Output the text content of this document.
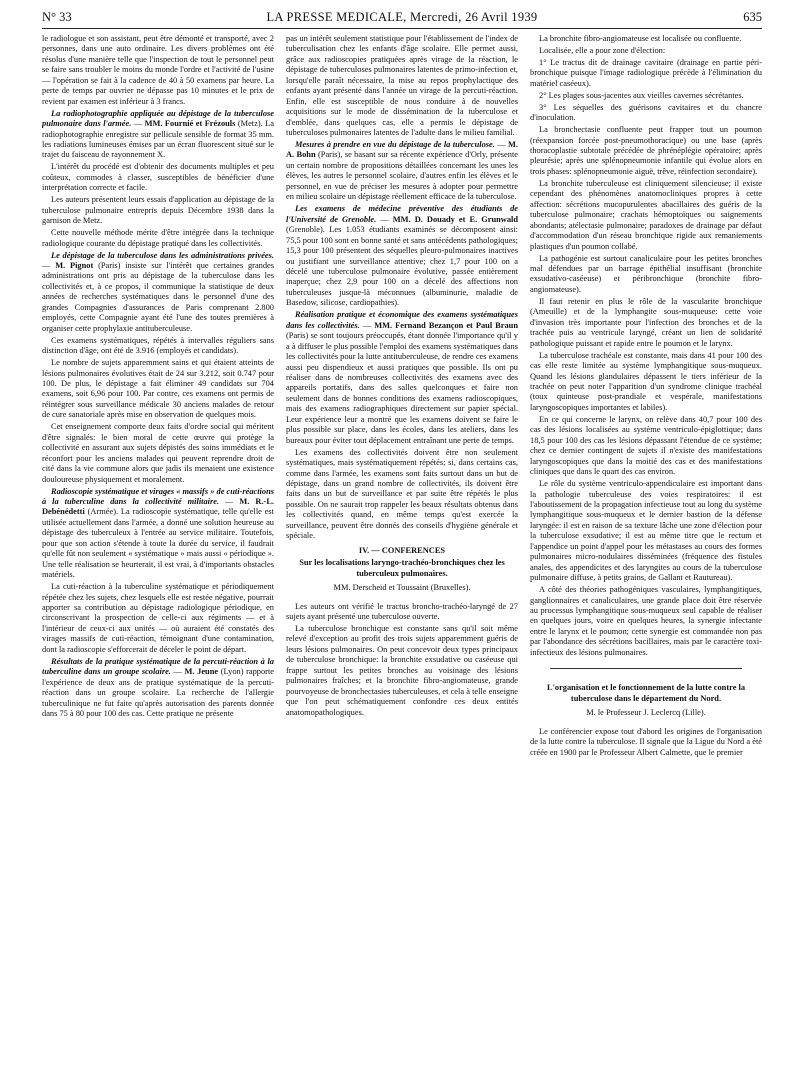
N° 33	LA PRESSE MEDICALE, Mercredi, 26 Avril 1939	635

le radiologue et son assistant, peut être démonté et transporté, avec 2 personnes, dans une auto ordinaire. Les divers problèmes ont été résolus d'une manière telle que l'inspection de tout le personnel peut se faire sans troubler le moins du monde l'ordre et l'activité de l'usine — l'opération se fait à la cadence de 40 à 50 examens par heure. La perte de temps par ouvrier ne dépasse pas 10 minutes et le prix de revient par examen est inférieur à 3 francs.

La radiophotographie appliquée au dépistage de la tuberculose pulmonaire dans l'armée. — MM. Fournié et Frézouls (Metz). La radiophotographie enregistre sur pellicule sensible de format 35 mm. les radiations lumineuses émises par un écran fluorescent situé sur le trajet du faisceau de rayonnement X.

L'intérêt du procédé est d'obtenir des documents multiples et peu coûteux, commodes à classer, susceptibles de bénéficier d'une interprétation correcte et facile.

Les auteurs présentent leurs essais d'application au dépistage de la tuberculose pulmonaire entrepris depuis Décembre 1938 dans la garnison de Metz.

Cette nouvelle méthode mérite d'être intégrée dans la technique radiologique courante du dépistage pratiqué dans les collectivités.

Le dépistage de la tuberculose dans les administrations privées. — M. Pignot (Paris) insiste sur l'intérêt que certaines grandes administrations ont pris au dépistage de la tuberculose dans les collectivités et, à ce propos, il communique la statistique de deux années de recherches systématiques dans le personnel d'une des grandes Compagnies d'assurances de Paris comprenant 2.800 employés, cette Compagnie ayant été l'une des toutes premières à organiser cette prophylaxie antituberculeuse.

Ces examens systématiques, répétés à intervalles réguliers sans distinction d'âge, ont été de 3.916 (employés et candidats).

Le nombre de sujets apparemment sains et qui étaient atteints de lésions pulmonaires évolutives était de 24 sur 3.212, soit 0.747 pour 100. De plus, le dépistage a fait éliminer 49 candidats sur 704 examens, soit 6,96 pour 100. Par contre, ces examens ont permis de réintégrer sous surveillance médicale 30 anciens malades de retour de cure sanatoriale après mise en observation de quelques mois.

Cet enseignement comporte deux faits d'ordre social qui méritent d'être signalés: le bien moral de cette œuvre qui protège la collectivité en assurant aux sujets dépistés des soins immédiats et le réconfort pour les anciens malades qui peuvent reprendre droit de cité dans la vie commune alors que jadis ils menaient une existence douloureuse physiquement et moralement.

Radioscopie systématique et virages « massifs » de cuti-réactions à la tuberculine dans la collectivité militaire. — M. R.-L. Debénédetti (Armée). La radioscopie systématique, telle qu'elle est utilisée actuellement dans l'armée, a donné une solution heureuse au dépistage des tuberculeux à l'entrée au service militaire. Toutefois, pour que son action s'étende à toute la durée du service, il faudrait qu'elle fût non seulement « systématique » mais aussi « périodique ». Une telle réalisation se heurterait, il est vrai, à d'importants obstacles matériels.

La cuti-réaction à la tuberculine systématique et périodiquement répétée chez les sujets, chez lesquels elle est restée négative, pourrait apporter sa contribution au dépistage radiologique périodique, en circonscrivant la prospection de celle-ci aux régiments — et à l'intérieur de ceux-ci aux unités — où auraient été constatés des virages massifs de cuti-réaction, témoignant d'une contamination, dont la radioscopie s'efforcerait de déceler le point de départ.

Résultats de la pratique systématique de la percuti-réaction à la tuberculine dans un groupe scolaire. — M. Jeune (Lyon) rapporte l'expérience de deux ans de pratique systématique de la percuti-réaction dans un groupe scolaire. La recherche de l'allergie tuberculinique ne fut faite qu'après autorisation des parents donnée dans 75 à 80 pour 100 des cas. Cette pratique ne présente

pas un intérêt seulement statistique pour l'établissement de l'index de tuberculisation chez les enfants d'âge scolaire. Elle permet aussi, grâce aux radioscopies pratiquées après virage de la réaction, le dépistage de tuberculoses pulmonaires latentes de primo-infection et, lorsqu'elle paraît nécessaire, la mise au repos prophylactique des enfants ayant présenté dans l'année un virage de la percuti-réaction. Enfin, elle est susceptible de nous conduire à de nouvelles acquisitions sur le mode de dissémination de la tuberculose et d'emblée, dans quelques cas, elle a permis le dépistage de tuberculoses pulmonaires latentes de l'adulte dans le milieu familial.

Mesures à prendre en vue du dépistage de la tuberculose. — M. A. Bohn (Paris), se basant sur sa récente expérience d'Orly, présente un certain nombre de propositions détaillées concernant les unes les élèves, les autres le personnel scolaire, d'autres enfin les élèves et le personnel, en vue de préciser les mesures à adopter pour permettre en milieu scolaire un dépistage réellement efficace de la tuberculose.

Les examens de médecine préventive des étudiants de l'Université de Grenoble. — MM. D. Douady et E. Grunwald (Grenoble). Les 1.053 étudiants examinés se décomposent ainsi: 75,5 pour 100 sont en bonne santé et sans antécédents pathologiques; 15,3 pour 100 présentent des séquelles pleuro-pulmonaires inactives ou justifiant une surveillance attentive; chez 1,7 pour 100 on a décelé une tuberculose pulmonaire évolutive, passée entièrement inaperçue; chez 2,9 pour 100 on a décelé des affections non tuberculeuses jusque-là méconnues (albuminurie, maladie de Basedow, silicose, cardiopathies).

Réalisation pratique et économique des examens systématiques dans les collectivités. — MM. Fernand Bezançon et Paul Braun (Paris) se sont toujours préoccupés, étant donnée l'importance qu'il y a à diffuser le plus possible l'emploi des examens systématiques dans les collectivités pour la lutte antituberculeuse, de rendre ces examens aussi peu dispendieux et aussi pratiques que possible. Ils ont pu réaliser dans de nombreuses collectivités des examens avec des appareils portatifs, dans des salles quelconques et faire non seulement dans de bonnes conditions des examens radioscopiques, mais des examens radiographiques directement sur papier spécial. Leur expérience leur a montré que les examens doivent se faire le plus possible sur place, dans les écoles, dans les ateliers, dans les bureaux pour éviter tout déplacement entraînant une perte de temps.

Les examens des collectivités doivent être non seulement systématiques, mais systématiquement répétés; si, dans certains cas, comme dans l'armée, les examens sont faits surtout dans un but de dépistage, dans un grand nombre de collectivités, ils doivent être faits dans un but de surveillance et par suite être répétés le plus possible. On ne saurait trop rappeler les beaux résultats obtenus dans les collectivités quand, en même temps qu'est exercée la surveillance, peuvent être donnés des conseils d'hygiène générale et spéciale.

IV. — CONFERENCES

Sur les localisations laryngo-trachéo-bronchiques chez les tuberculeux pulmonaires.

MM. Derscheid et Toussaint (Bruxelles).

Les auteurs ont vérifié le tractus broncho-trachéo-laryngé de 27 sujets ayant présenté une tuberculose ouverte.

La tuberculose bronchique est constante sans qu'il soit même relevé d'exception au profit des trois sujets apparemment guéris de leurs lésions pulmonaires. On peut concevoir deux types principaux de tuberculose bronchique: la bronchite exsudative ou caséeuse qui frappe surtout les petites bronches au voisinage des lésions pulmonaires fraîches; et la bronchite fibro-angiomateuse, grande pourvoyeuse de bronchectasies tuberculeuses, et cela à telle enseigne que l'on peut schématiquement confondre ces deux entités anatomopathologiques.

La bronchite fibro-angiomateuse est localisée ou confluente.

Localisée, elle a pour zone d'élection:

1° Le tractus dit de drainage cavitaire (drainage en partie péri-bronchique puisque l'image radiologique précède à l'élimination du matériel caséeux).

2° Les plages sous-jacentes aux vieilles cavernes sécrétantes.

3° Les séquelles des guérisons cavitaires et du chancre d'inoculation.

La bronchectasie confluente peut frapper tout un poumon (réexpansion forcée post-pneumothoracique) ou une base (après thoracoplastie subtotale précédée de phrénéplégie opératoire; après pleurésie; après une splénopneumonie infantile qui évolue alors en trois phases: splénopneumonie aiguë, trêve, réinfection secondaire).

La bronchite tuberculeuse est cliniquement silencieuse; il existe cependant des phénomènes anatomocliniques propres à cette affection: sécrétions mucopurulentes abacillaires des guéris de la tuberculose pulmonaire; crachats hémoptoïques ou saignements abondants; atélectasie pulmonaire; paradoxes de drainage par défaut d'accommodation d'un réseau bronchique rigide aux remaniements plastiques d'un poumon collabé.

La pathogénie est surtout canaliculaire pour les petites bronches mal défendues par un barrage épithélial insuffisant (bronchite exsudativo-caséeuse) et péribronchique (bronchite fibro-angiomateuse).

Il faut retenir en plus le rôle de la vascularite bronchique (Ameuille) et de la lymphangite sous-muqueuse: cette voie d'invasion très importante pour l'infection des bronches et de la trachée puis au ventricule laryngé, créant un lien de solidarité pathologique puissant et rapide entre le poumon et le larynx.

La tuberculose trachéale est constante, mais dans 41 pour 100 des cas elle reste limitée au système lymphangitique sous-muqueux. Quand les lésions glandulaires dépassent le tiers inférieur de la trachée on peut noter l'apparition d'un syndrome clinique trachéal (toux quinteuse post-prandiale et vespérale, manifestations laryngoscopiques importantes et labiles).

En ce qui concerne le larynx, on relève dans 40,7 pour 100 des cas des lésions localisées au système ventriculo-épiglottique; dans 18,5 pour 100 des cas les lésions dépassant l'étendue de ce système; chez ce dernier contingent de sujets il n'existe des manifestations laryngoscopiques que dans la moitié des cas et des manifestations cliniques que dans le quart des cas environ.

Le rôle du système ventriculo-appendiculaire est important dans la pathologie tuberculeuse des voies respiratoires: il est l'aboutissement de la propagation infectieuse tout au long du système lymphangitique sous-muqueux et le dernier bastion de la défense laryngée: il est en raison de sa texture lâche une zone d'élection pour la tuberculose exsudative; il est au même titre que le rectum et l'appendice un point d'appel pour les métastases au cours des formes pulmonaires micro-nodulaires disséminées (fréquence des fistules anales, des appendicites et des laryngites au cours de la tuberculose pulmonaire diffuse, à petits grains, de Gallant et Rautureau).

A côté des théories pathogéniques vasculaires, lymphangitiques, ganglionnaires et canaliculaires, une grande place doit être réservée au processus lymphangitique sous-muqueux seul capable de réaliser en quelques jours, voire en quelques heures, la synergie infectante entre le larynx et le poumon; cette synergie est commandée non pas par l'abondance des sécrétions bacillaires, mais par le caractère toxi-infectieux des lésions pulmonaires.

L'organisation et le fonctionnement de la lutte contre la tuberculose dans le département du Nord.

M. le Professeur J. Leclercq (Lille).

Le conférencier expose tout d'abord les origines de l'organisation de la lutte contre la tuberculose. Il signale que la Ligue du Nord a été créée en 1900 par le Professeur Albert Calmette, que le premier
